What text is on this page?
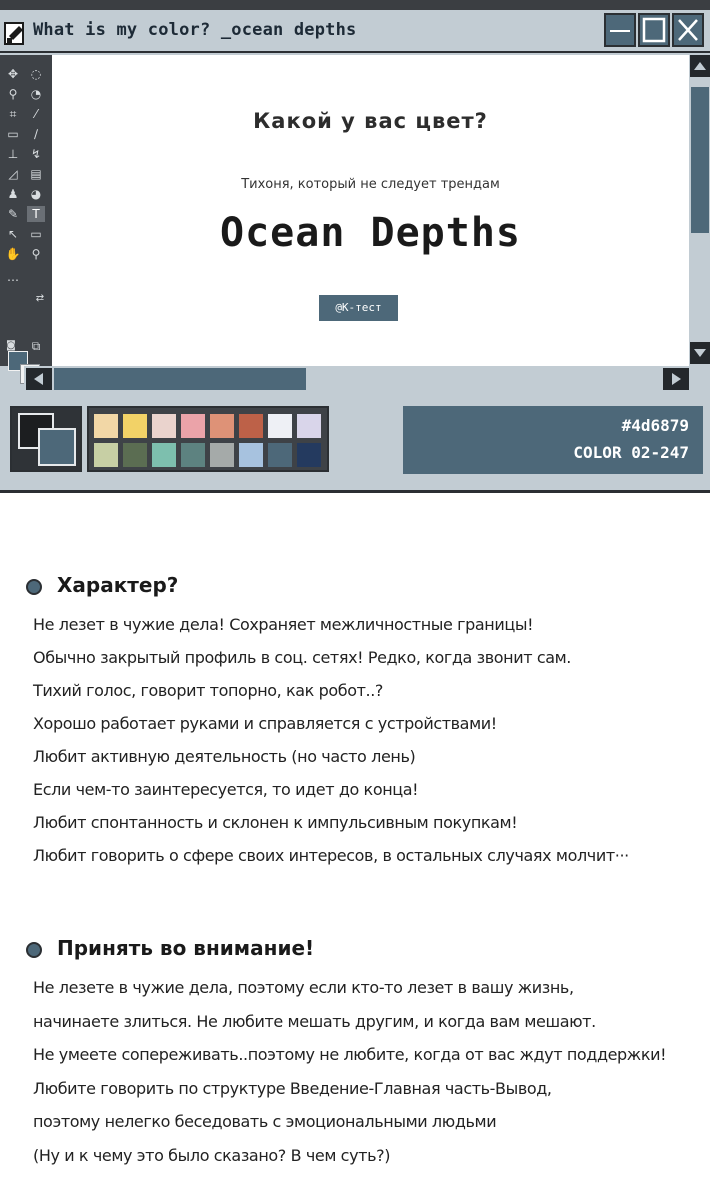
What is my color? _ocean depths
✥	◌
⚲	◔
⌗	⁄
▭	∕
⊥	↯
◿	▤
♟	◕
✎	T
↖	▭
✋ ⚲
…
⇄
◙	⧉
Какой у вас цвет?
Тихоня, который не следует трендам
Ocean Depths
@К-тест
#4d6879
COLOR 02-247
Характер?
Не лезет в чужие дела! Сохраняет межличностные границы!
Обычно закрытый профиль в соц. сетях! Редко, когда звонит сам.
Тихий голос, говорит топорно, как робот..?
Хорошо работает руками и справляется с устройствами!
Любит активную деятельность (но часто лень)
Если чем-то заинтересуется, то идет до конца!
Любит спонтанность и склонен к импульсивным покупкам!
Любит говорить о сфере своих интересов, в остальных случаях молчит···
Принять во внимание!
Не лезете в чужие дела, поэтому если кто-то лезет в вашу жизнь,
начинаете злиться. Не любите мешать другим, и когда вам мешают.
Не умеете сопереживать..поэтому не любите, когда от вас ждут поддержки!
Любите говорить по структуре Введение-Главная часть-Вывод,
поэтому нелегко беседовать с эмоциональными людьми
(Ну и к чему это было сказано? В чем суть?)
